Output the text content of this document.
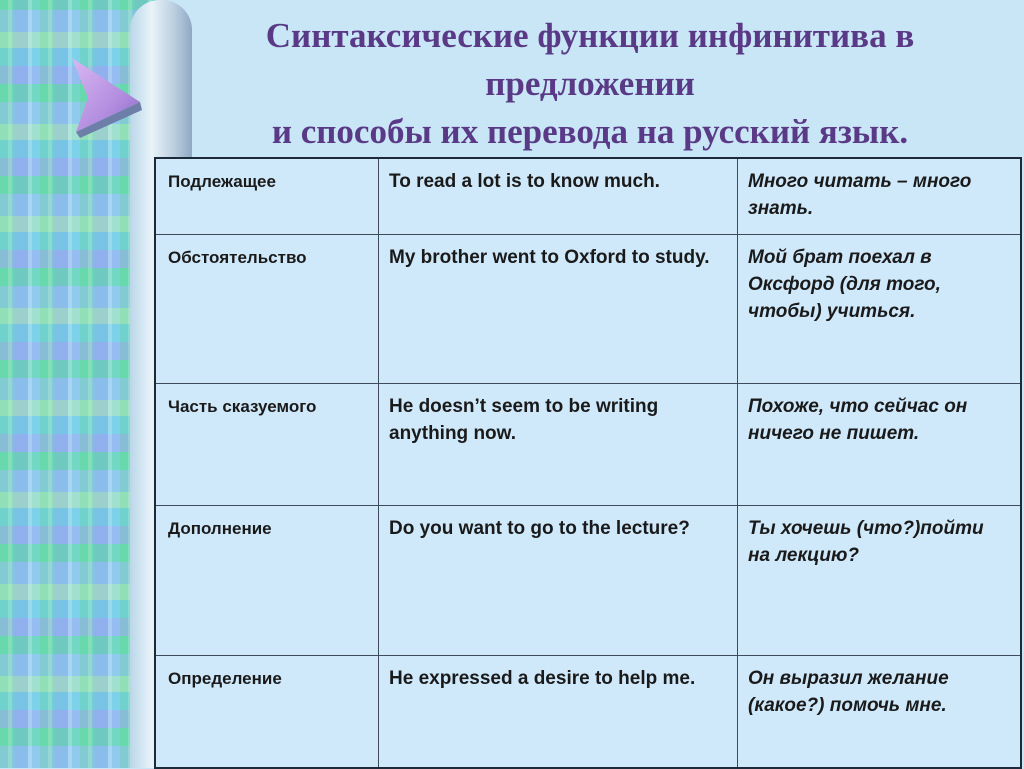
Синтаксические функции инфинитива в
предложении
и способы их перевода на русский язык.
Подлежащее	To read a lot is to know much.	Много читать – много знать.
Обстоятельство	My brother went to Oxford to study.	Мой брат поехал в Оксфорд (для того, чтобы) учиться.
Часть сказуемого	He doesn’t seem to be writing anything now.	Похоже, что сейчас он ничего не пишет.
Дополнение	Do you want to go to the lecture?	Ты хочешь (что?)пойти на лекцию?
Определение	He expressed a desire to help me.	Он выразил желание (какое?) помочь мне.
